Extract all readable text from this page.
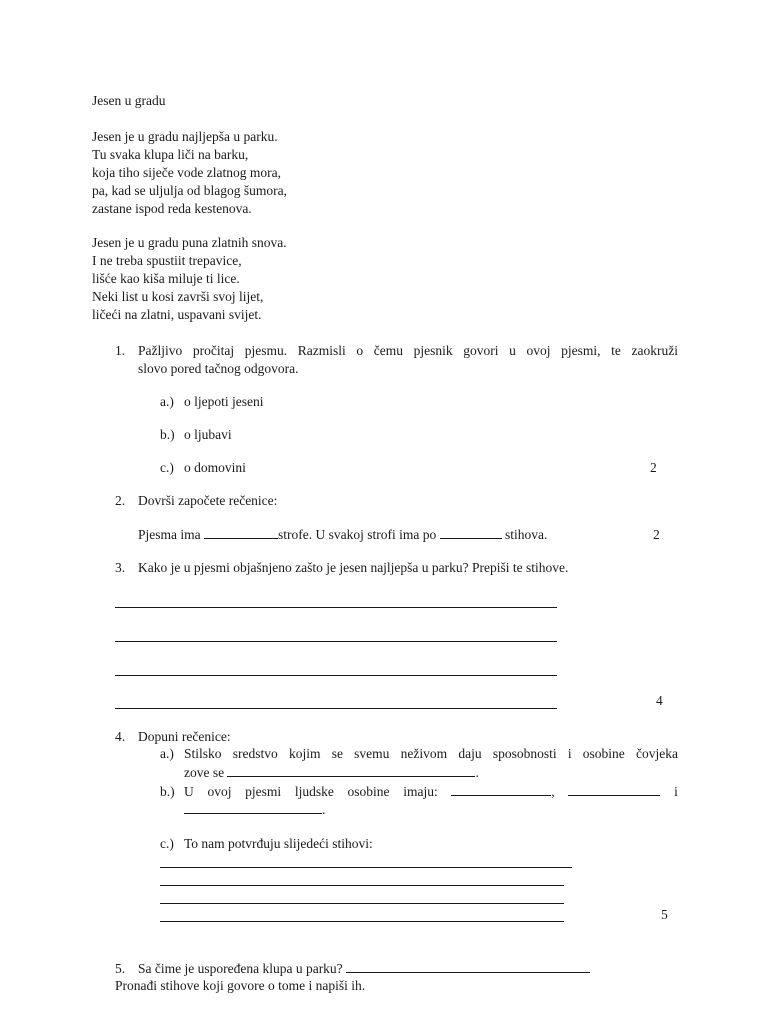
Jesen u gradu
Jesen je u gradu najljepša u parku.
Tu svaka klupa liči na barku,
koja tiho siječe vode zlatnog mora,
pa, kad se uljulja od blagog šumora,
zastane ispod reda kestenova.
Jesen je u gradu puna zlatnih snova.
I ne treba spustiit trepavice,
lišće kao kiša miluje ti lice.
Neki list u kosi završi svoj lijet,
ličeći na zlatni, uspavani svijet.
1. Pažljivo pročitaj pjesmu. Razmisli o čemu pjesnik govori u ovoj pjesmi, te zaokruži
slovo pored tačnog odgovora.
a.) o ljepoti jeseni
b.) o ljubavi
c.) o domovini	2
2. Dovrši započete rečenice:
Pjesma ima	strofe. U svakoj strofi ima po	stihova.	2
3. Kako je u pjesmi objašnjeno zašto je jesen najljepša u parku? Prepiši te stihove.
4
4. Dopuni rečenice:
a.) Stilsko sredstvo kojim se svemu neživom daju sposobnosti i osobine čovjeka
zove se	.
b.) U ovoj pjesmi ljudske osobine imaju:	,	i
.
c.) To nam potvrđuju slijedeći stihovi:
5
5. Sa čime je uspoređena klupa u parku?
Pronađi stihove koji govore o tome i napiši ih.
